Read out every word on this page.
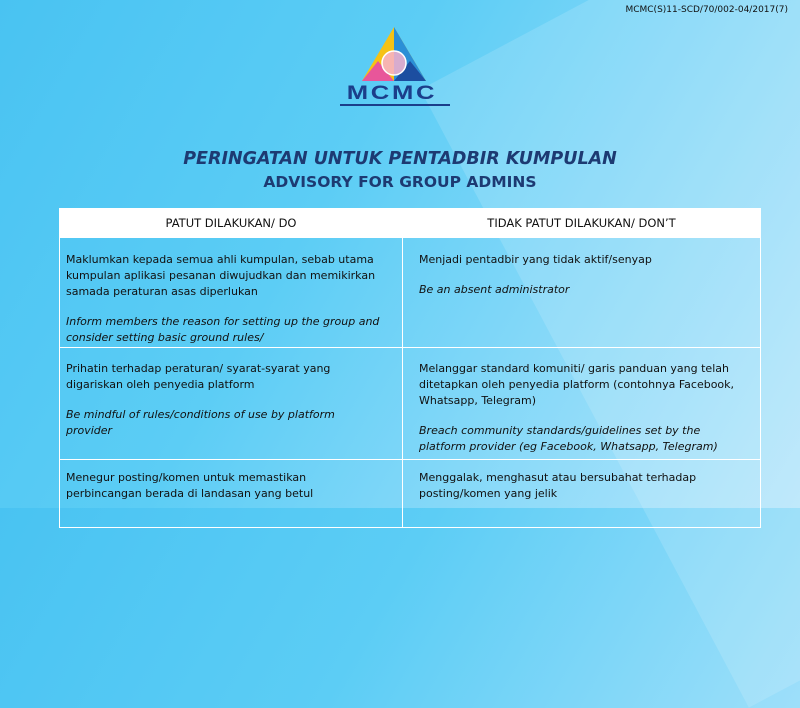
MCMC(S)11-SCD/70/002-04/2017(7)
MCMC
PERINGATAN UNTUK PENTADBIR KUMPULAN
ADVISORY FOR GROUP ADMINS
PATUT DILAKUKAN/ DO	TIDAK PATUT DILAKUKAN/ DON’T

Maklumkan kepada semua ahli kumpulan, sebab utama kumpulan aplikasi pesanan diwujudkan dan memikirkan samada peraturan asas diperlukan

Inform members the reason for setting up the group and consider setting basic ground rules/

Menjadi pentadbir yang tidak aktif/senyap

Be an absent administrator

Prihatin terhadap peraturan/ syarat-syarat yang digariskan oleh penyedia platform

Be mindful of rules/conditions of use by platform provider

Melanggar standard komuniti/ garis panduan yang telah ditetapkan oleh penyedia platform (contohnya Facebook, Whatsapp, Telegram)

Breach community standards/guidelines set by the platform provider (eg Facebook, Whatsapp, Telegram)

Menegur posting/komen untuk memastikan perbincangan berada di landasan yang betul

Menggalak, menghasut atau bersubahat terhadap posting/komen yang jelik
